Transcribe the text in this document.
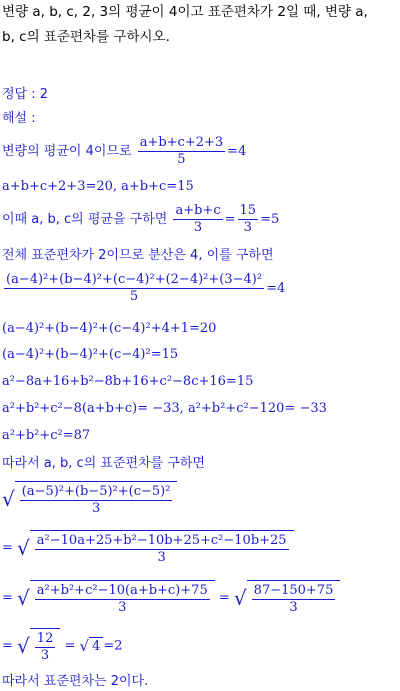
변량 a, b, c, 2, 3의 평균이 4이고 표준편차가 2일 때, 변량 a,
b, c의 표준편차를 구하시오.
정답 : 2
해설 :
변량의 평균이 4이므로 $\frac{a+b+c+2+3}{5} =4$
a+b+c+2+3=20, a+b+c=15
이때 a, b, c의 평균을 구하면 $\frac{a+b+c}{3} = \frac{15}{3} =5$
전체 표준편차가 2이므로 분산은 4, 이를 구하면
$\frac{\text{(a−4)²+(b−4)²+(c−4)²+(2−4)²+(3−4)²}}{5} =4$
(a−4)²+(b−4)²+(c−4)²+4+1=20
(a−4)²+(b−4)²+(c−4)²=15
a²−8a+16+b²−8b+16+c²−8c+16=15
a²+b²+c²−8(a+b+c)= −33, a²+b²+c²−120= −33
a²+b²+c²=87
따라서 a, b, c의 표준편차를 구하면
√ $\frac{\text{(a−5)²+(b−5)²+(c−5)²}}{3}$
= √ $\frac{\text{a²−10a+25+b²−10b+25+c²−10b+25}}{3}$
= √ $\frac{\text{a²+b²+c²−10(a+b+c)+75}}{3}$ = √ $\frac{87-150+75}{3}$
= √ $\frac{12}{3}$ = √ 4 =2
따라서 표준편차는 2이다.
